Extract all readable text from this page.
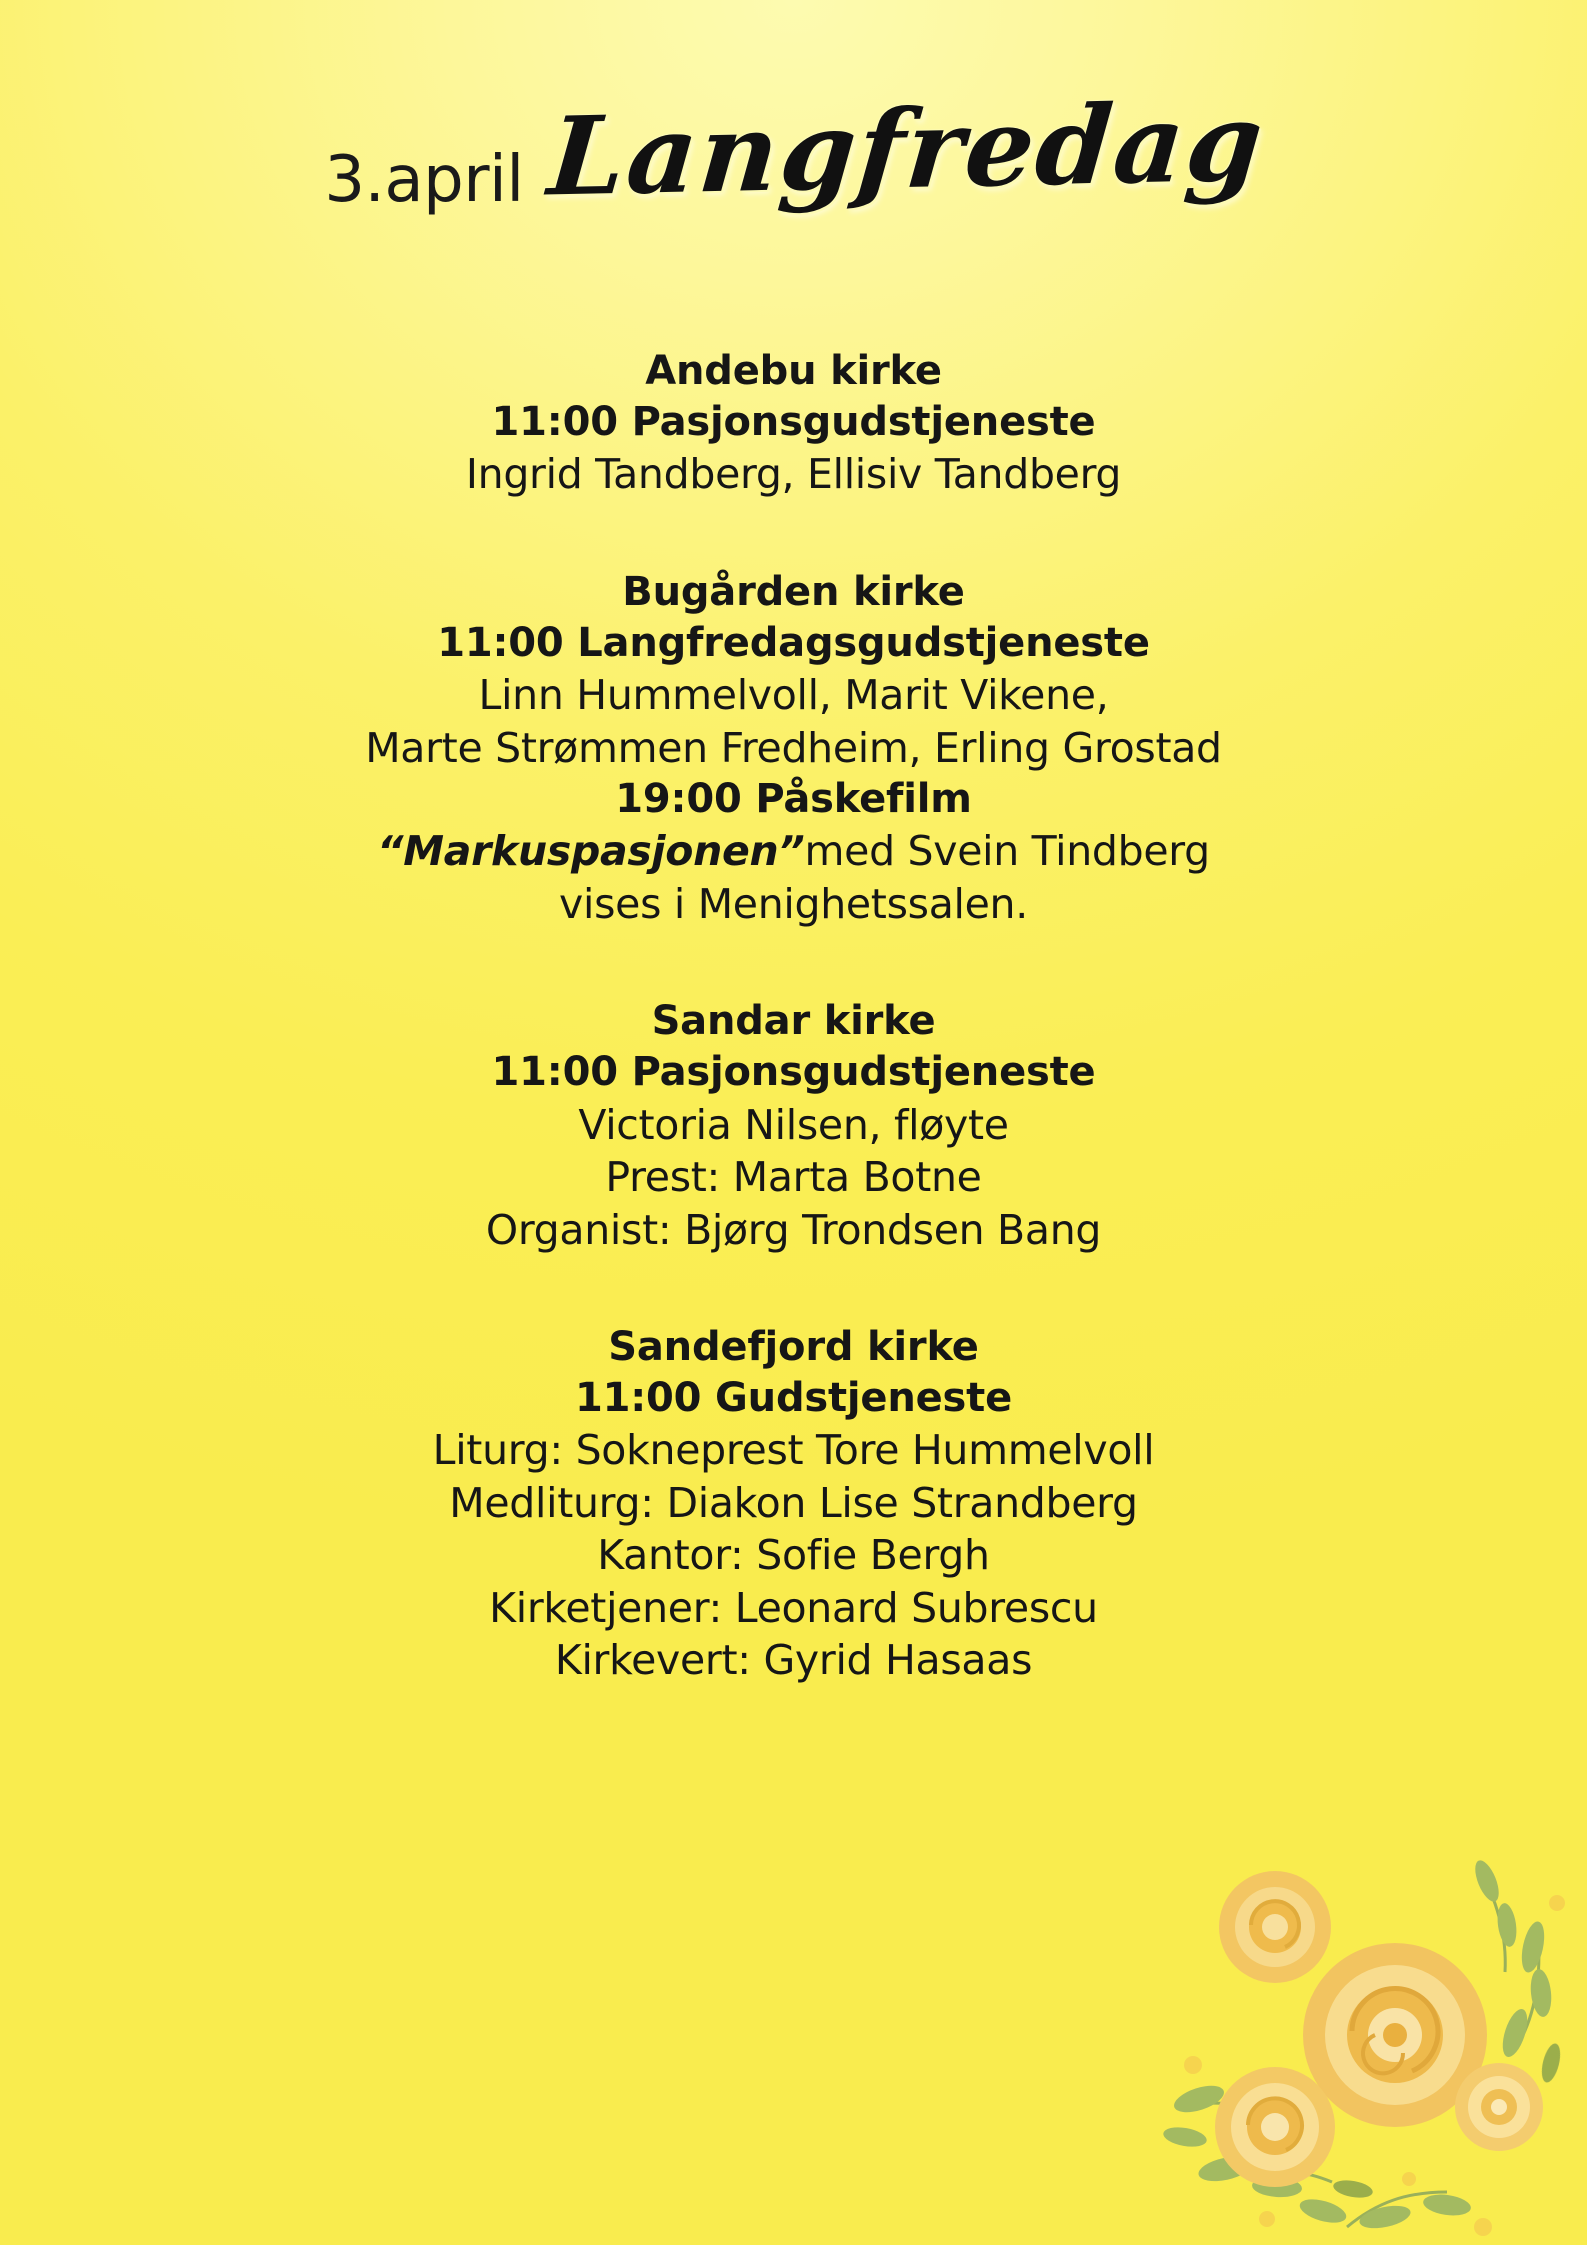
3.april Langfredag
Andebu kirke
11:00 Pasjonsgudstjeneste
Ingrid Tandberg, Ellisiv Tandberg
Bugården kirke
11:00 Langfredagsgudstjeneste
Linn Hummelvoll, Marit Vikene,
Marte Strømmen Fredheim, Erling Grostad
19:00 Påskefilm
“Markuspasjonen”med Svein Tindberg
vises i Menighetssalen.
Sandar kirke
11:00 Pasjonsgudstjeneste
Victoria Nilsen, fløyte
Prest: Marta Botne
Organist: Bjørg Trondsen Bang
Sandefjord kirke
11:00 Gudstjeneste
Liturg: Sokneprest Tore Hummelvoll
Medliturg: Diakon Lise Strandberg
Kantor: Sofie Bergh
Kirketjener: Leonard Subrescu
Kirkevert: Gyrid Hasaas
